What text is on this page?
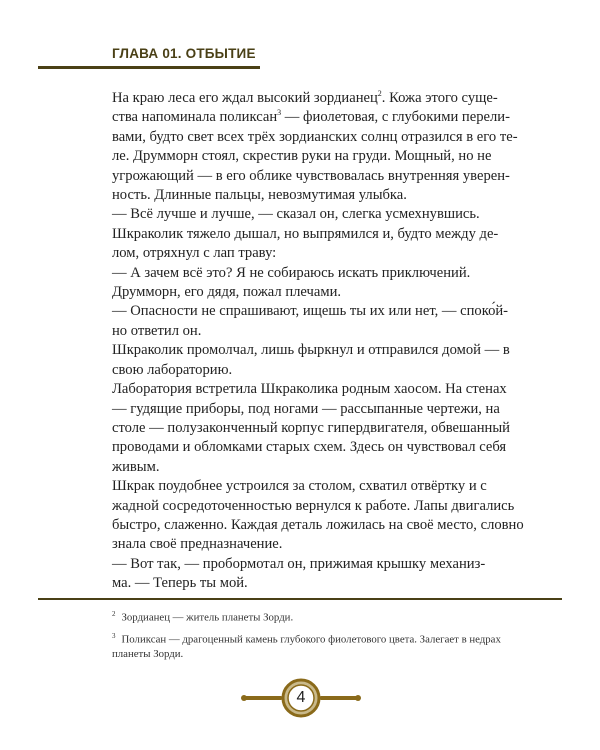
ГЛАВА 01. ОТБЫТИЕ
На краю леса его ждал высокий зордианец$^2$. Кожа этого суще-
ства напоминала поликсан$^3$ — фиолетовая, с глубокими перели-
вами, будто свет всех трёх зордианских солнц отразился в его те-
ле. Друмморн стоял, скрестив руки на груди. Мощный, но не
угрожающий — в его облике чувствовалась внутренняя уверен-
ность. Длинные пальцы, невозмутимая улыбка.
— Всё лучше и лучше, — сказал он, слегка усмехнувшись.
Шкраколик тяжело дышал, но выпрямился и, будто между де-
лом, отряхнул с лап траву:
— А зачем всё это? Я не собираюсь искать приключений.
Друмморн, его дядя, пожал плечами.
— Опасности не спрашивают, ищешь ты их или нет, — споко́й-
но ответил он.
Шкраколик промолчал, лишь фыркнул и отправился домой — в
свою лабораторию.
Лаборатория встретила Шкраколика родным хаосом. На стенах
— гудящие приборы, под ногами — рассыпанные чертежи, на
столе — полузаконченный корпус гипердвигателя, обвешанный
проводами и обломками старых схем. Здесь он чувствовал себя
живым.
Шкрак поудобнее устроился за столом, схватил отвёртку и с
жадной сосредоточенностью вернулся к работе. Лапы двигались
быстро, слаженно. Каждая деталь ложилась на своё место, словно
знала своё предназначение.
— Вот так, — пробормотал он, прижимая крышку механиз-
ма. — Теперь ты мой.
$^2$ Зордианец — житель планеты Зорди.
$^3$ Поликсан — драгоценный камень глубокого фиолетового цвета. Залегает в недрах планеты Зорди.
4
